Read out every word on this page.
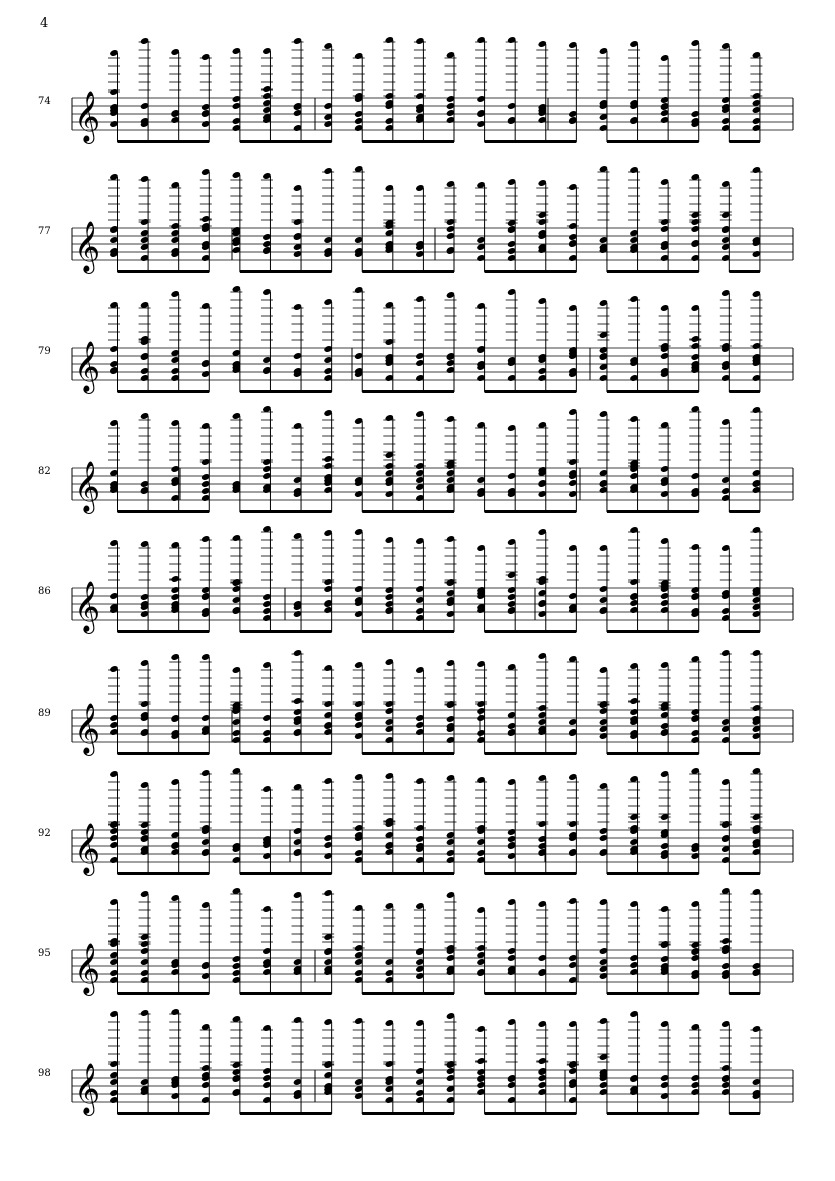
4
74 𝄞
77 𝄞
79 𝄞
82 𝄞
86 𝄞
89 𝄞
92 𝄞
95 𝄞
98 𝄞
